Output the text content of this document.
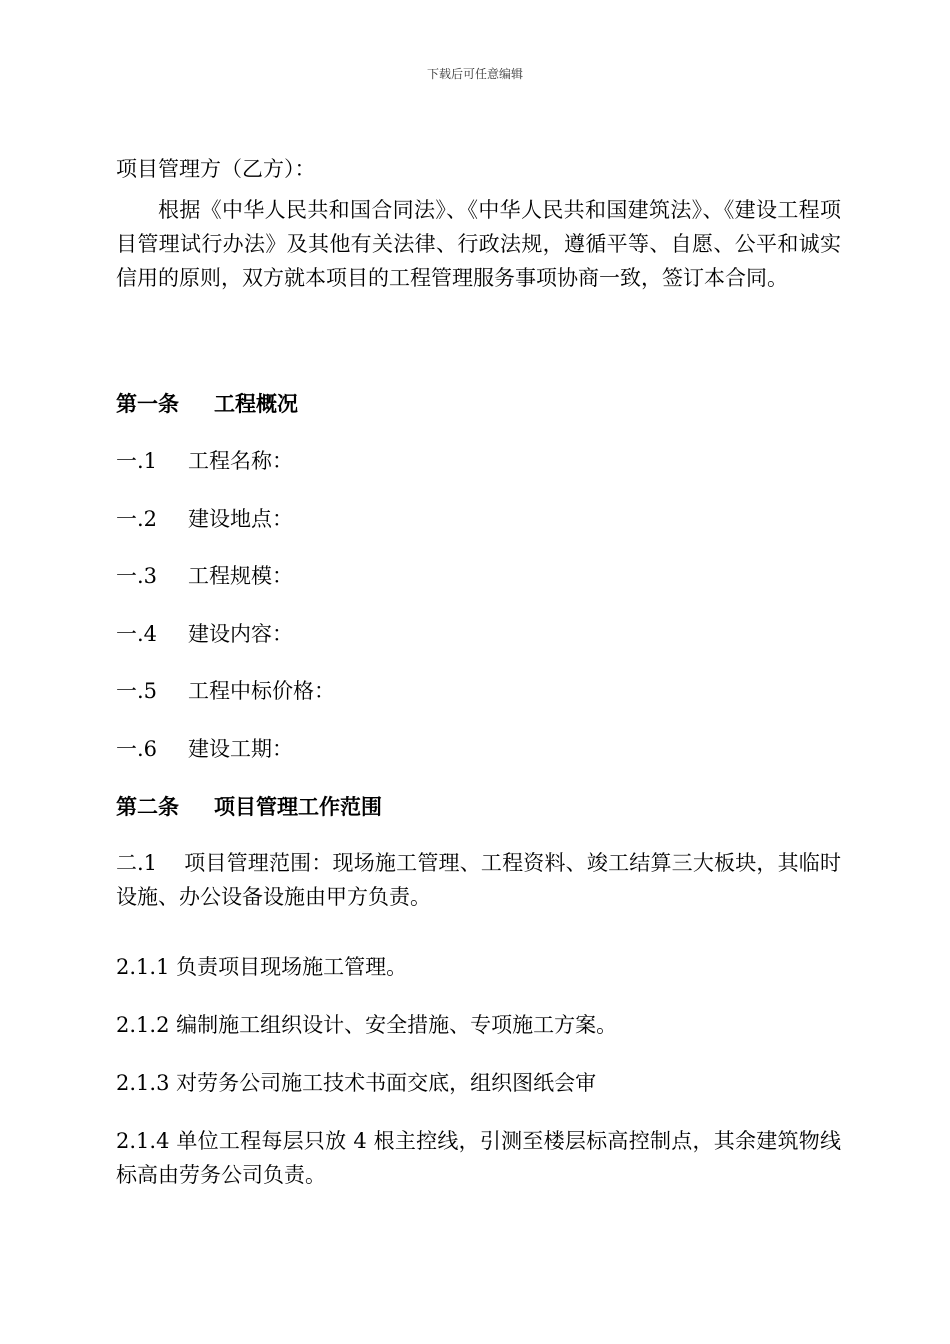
下载后可任意编辑

项目管理方（乙方）：

根据《中华人民共和国合同法》、《中华人民共和国建筑法》、《建设工程项目管理试行办法》及其他有关法律、行政法规，遵循平等、自愿、公平和诚实信用的原则，双方就本项目的工程管理服务事项协商一致，签订本合同。

第一条 工程概况

一.1 工程名称：

一.2 建设地点：

一.3 工程规模：

一.4 建设内容：

一.5 工程中标价格：

一.6 建设工期：

第二条 项目管理工作范围

二.1 项目管理范围：现场施工管理、工程资料、竣工结算三大板块，其临时设施、办公设备设施由甲方负责。

2.1.1 负责项目现场施工管理。

2.1.2 编制施工组织设计、安全措施、专项施工方案。

2.1.3 对劳务公司施工技术书面交底，组织图纸会审

2.1.4 单位工程每层只放 4 根主控线，引测至楼层标高控制点，其余建筑物线标高由劳务公司负责。
